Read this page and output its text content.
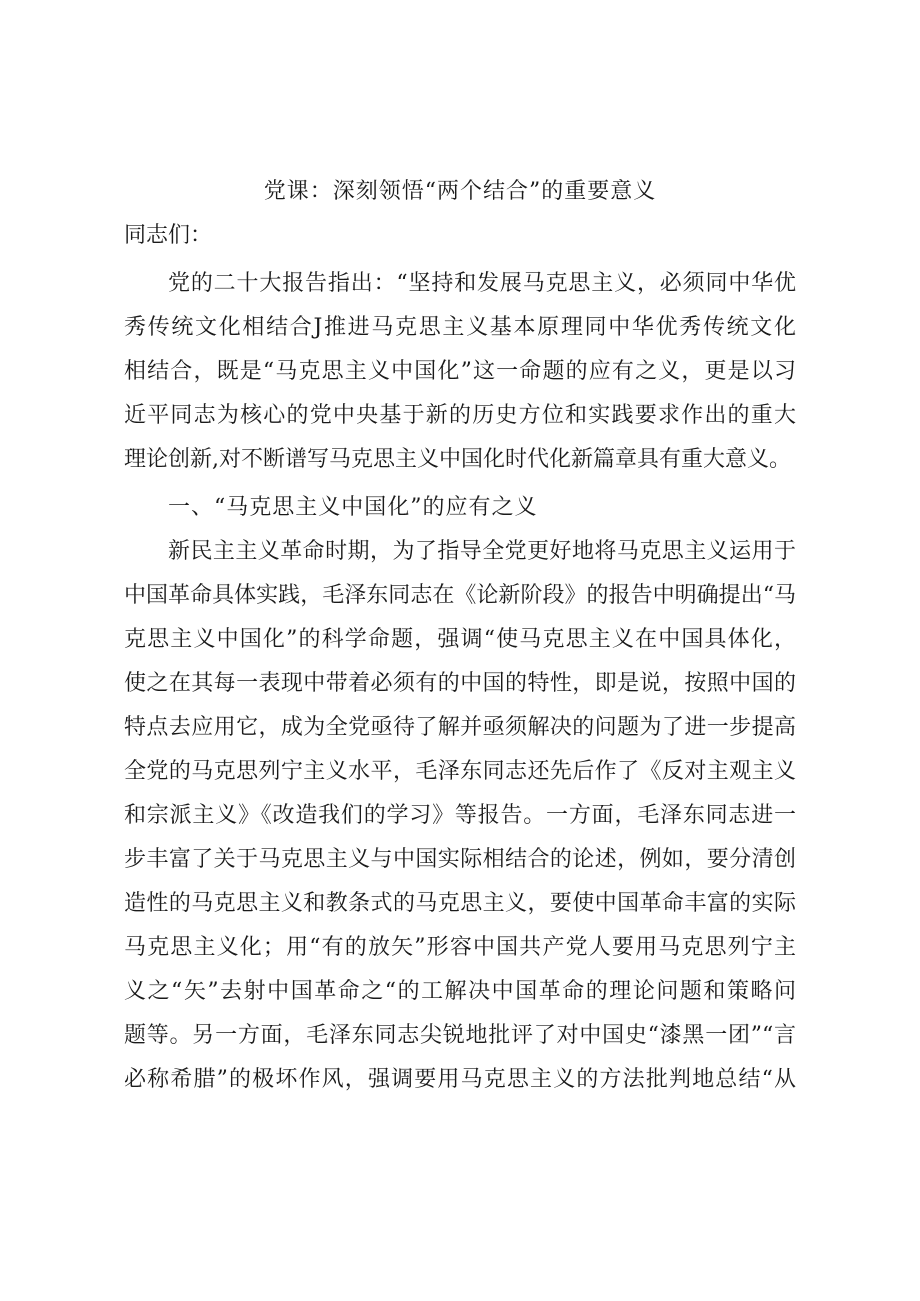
党课：深刻领悟“两个结合”的重要意义
同志们：
党的二十大报告指出：“坚持和发展马克思主义，必须同中华优
秀传统文化相结合J推进马克思主义基本原理同中华优秀传统文化
相结合，既是“马克思主义中国化”这一命题的应有之义，更是以习
近平同志为核心的党中央基于新的历史方位和实践要求作出的重大
理论创新,对不断谱写马克思主义中国化时代化新篇章具有重大意义。
一、“马克思主义中国化”的应有之义
新民主主义革命时期，为了指导全党更好地将马克思主义运用于
中国革命具体实践，毛泽东同志在《论新阶段》的报告中明确提出“马
克思主义中国化”的科学命题，强调“使马克思主义在中国具体化，
使之在其每一表现中带着必须有的中国的特性，即是说，按照中国的
特点去应用它，成为全党亟待了解并亟须解决的问题为了进一步提高
全党的马克思列宁主义水平，毛泽东同志还先后作了《反对主观主义
和宗派主义》《改造我们的学习》等报告。一方面，毛泽东同志进一
步丰富了关于马克思主义与中国实际相结合的论述，例如，要分清创
造性的马克思主义和教条式的马克思主义，要使中国革命丰富的实际
马克思主义化；用“有的放矢”形容中国共产党人要用马克思列宁主
义之“矢”去射中国革命之“的工解决中国革命的理论问题和策略问
题等。另一方面，毛泽东同志尖锐地批评了对中国史“漆黑一团”“言
必称希腊”的极坏作风，强调要用马克思主义的方法批判地总结“从
